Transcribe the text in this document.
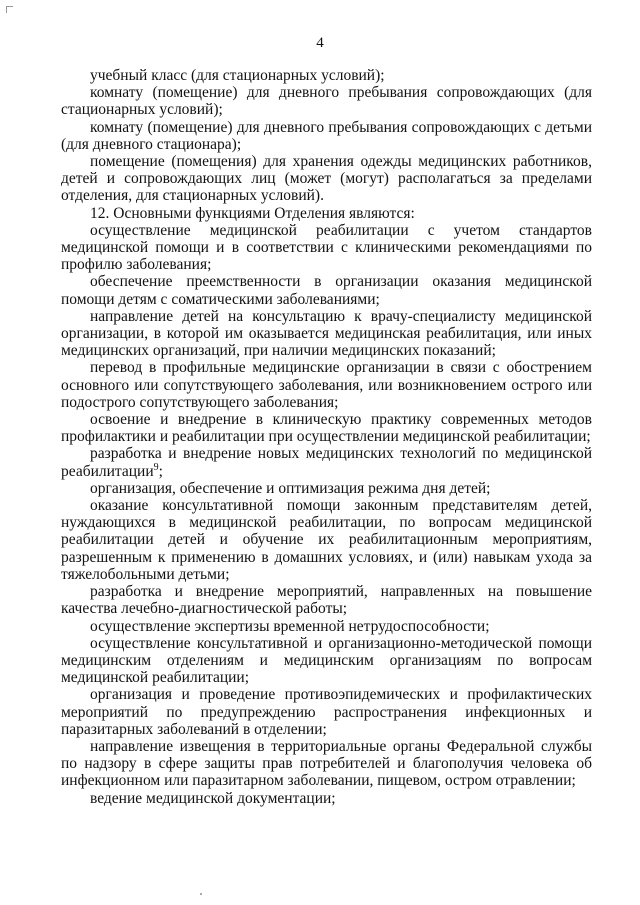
4

учебный класс (для стационарных условий);

комнату (помещение) для дневного пребывания сопровождающих (для стационарных условий);

комнату (помещение) для дневного пребывания сопровождающих с детьми (для дневного стационара);

помещение (помещения) для хранения одежды медицинских работников, детей и сопровождающих лиц (может (могут) располагаться за пределами отделения, для стационарных условий).

12. Основными функциями Отделения являются:

осуществление медицинской реабилитации с учетом стандартов медицинской помощи и в соответствии с клиническими рекомендациями по профилю заболевания;

обеспечение преемственности в организации оказания медицинской помощи детям с соматическими заболеваниями;

направление детей на консультацию к врачу-специалисту медицинской организации, в которой им оказывается медицинская реабилитация, или иных медицинских организаций, при наличии медицинских показаний;

перевод в профильные медицинские организации в связи с обострением основного или сопутствующего заболевания, или возникновением острого или подострого сопутствующего заболевания;

освоение и внедрение в клиническую практику современных методов профилактики и реабилитации при осуществлении медицинской реабилитации;

разработка и внедрение новых медицинских технологий по медицинской реабилитации$^9$;

организация, обеспечение и оптимизация режима дня детей;

оказание консультативной помощи законным представителям детей, нуждающихся в медицинской реабилитации, по вопросам медицинской реабилитации детей и обучение их реабилитационным мероприятиям, разрешенным к применению в домашних условиях, и (или) навыкам ухода за тяжелобольными детьми;

разработка и внедрение мероприятий, направленных на повышение качества лечебно-диагностической работы;

осуществление экспертизы временной нетрудоспособности;

осуществление консультативной и организационно-методической помощи медицинским отделениям и медицинским организациям по вопросам медицинской реабилитации;

организация и проведение противоэпидемических и профилактических мероприятий по предупреждению распространения инфекционных и паразитарных заболеваний в отделении;

направление извещения в территориальные органы Федеральной службы по надзору в сфере защиты прав потребителей и благополучия человека об инфекционном или паразитарном заболевании, пищевом, остром отравлении;

ведение медицинской документации;
